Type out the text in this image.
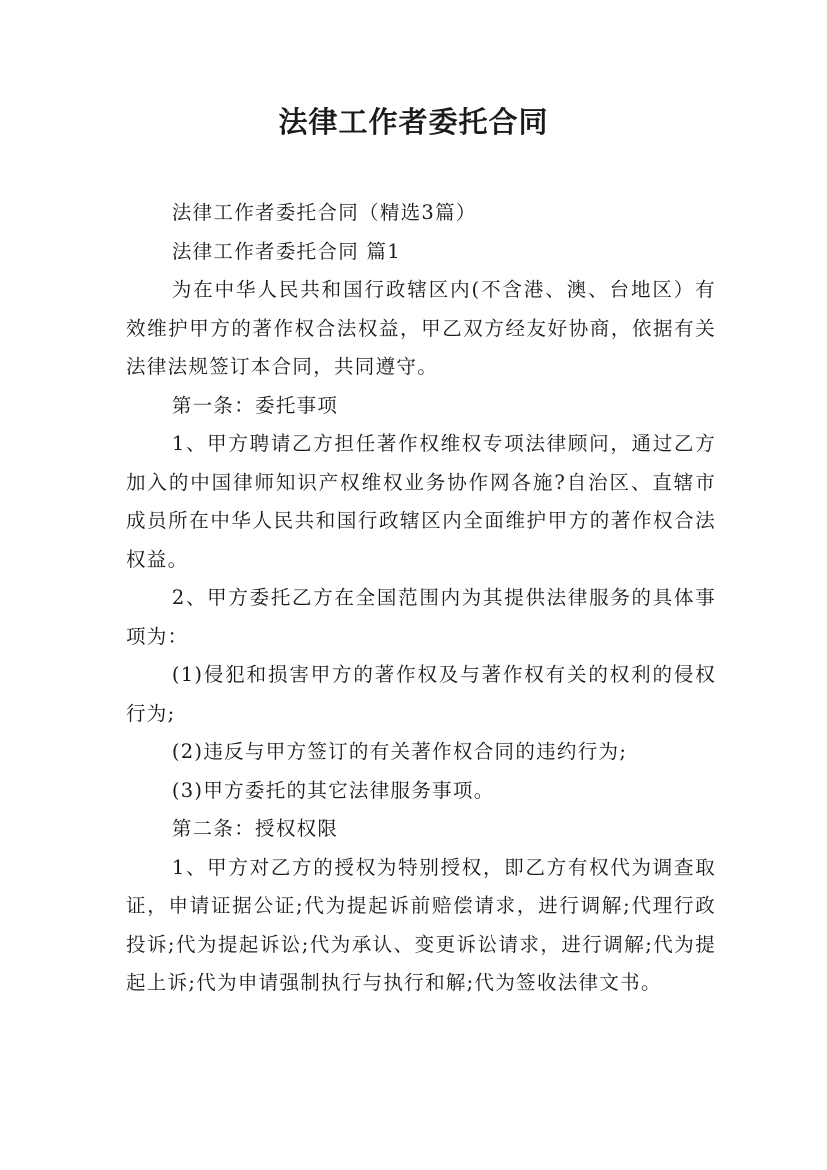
法律工作者委托合同

法律工作者委托合同（精选3篇）

法律工作者委托合同 篇1

为在中华人民共和国行政辖区内(不含港、澳、台地区）有效维护甲方的著作权合法权益，甲乙双方经友好协商，依据有关法律法规签订本合同，共同遵守。

第一条：委托事项

1、甲方聘请乙方担任著作权维权专项法律顾问，通过乙方加入的中国律师知识产权维权业务协作网各施?自治区、直辖市成员所在中华人民共和国行政辖区内全面维护甲方的著作权合法权益。

2、甲方委托乙方在全国范围内为其提供法律服务的具体事项为：

(1)侵犯和损害甲方的著作权及与著作权有关的权利的侵权行为;

(2)违反与甲方签订的有关著作权合同的违约行为;

(3)甲方委托的其它法律服务事项。

第二条：授权权限

1、甲方对乙方的授权为特别授权，即乙方有权代为调查取证，申请证据公证;代为提起诉前赔偿请求，进行调解;代理行政投诉;代为提起诉讼;代为承认、变更诉讼请求，进行调解;代为提起上诉;代为申请强制执行与执行和解;代为签收法律文书。
